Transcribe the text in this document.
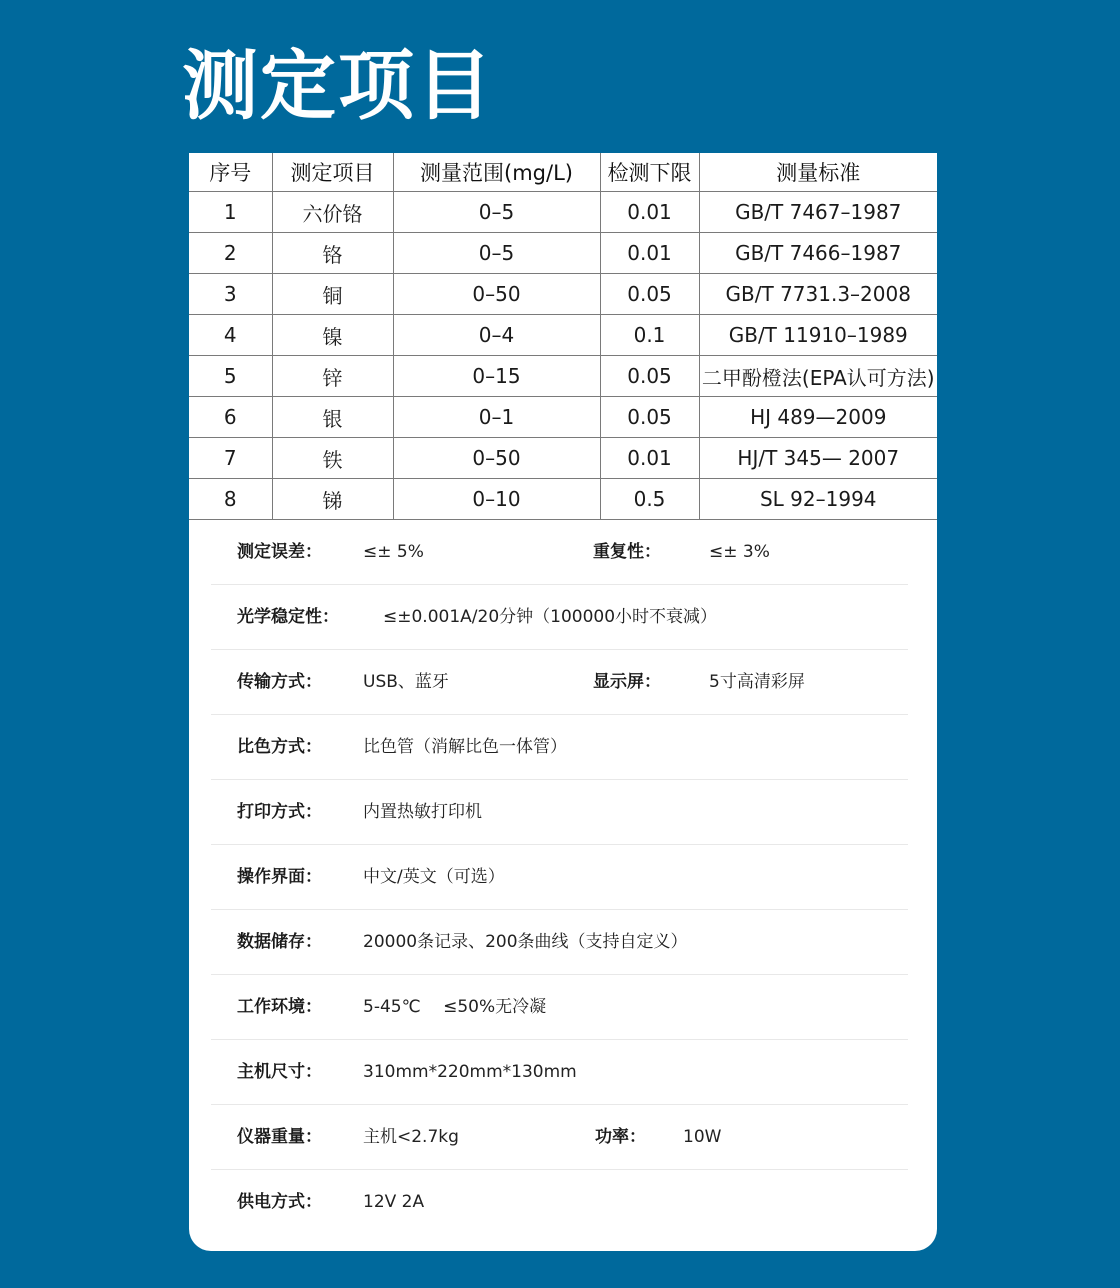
测定项目
序号	测定项目	测量范围(mg/L)	检测下限	测量标准
1	六价铬	0–5	0.01	GB/T 7467–1987
2	铬	0–5	0.01	GB/T 7466–1987
3	铜	0–50	0.05	GB/T 7731.3–2008
4	镍	0–4	0.1	GB/T 11910–1989
5	锌	0–15	0.05	二甲酚橙法(EPA认可方法)
6	银	0–1	0.05	HJ 489—2009
7	铁	0–50	0.01	HJ/T 345— 2007
8	锑	0–10	0.5	SL 92–1994
测定误差： ≤± 5%	重复性：	≤± 3%
光学稳定性：	≤±0.001A/20分钟（100000小时不衰减）
传输方式： USB、蓝牙	显示屏：	5寸高清彩屏
比色方式： 比色管（消解比色一体管）
打印方式： 内置热敏打印机
操作界面： 中文/英文（可选）
数据储存： 20000条记录、200条曲线（支持自定义）
工作环境： 5-45℃　 ≤50%无冷凝
主机尺寸： 310mm*220mm*130mm
仪器重量： 主机<2.7kg	功率： 10W
供电方式： 12V 2A
